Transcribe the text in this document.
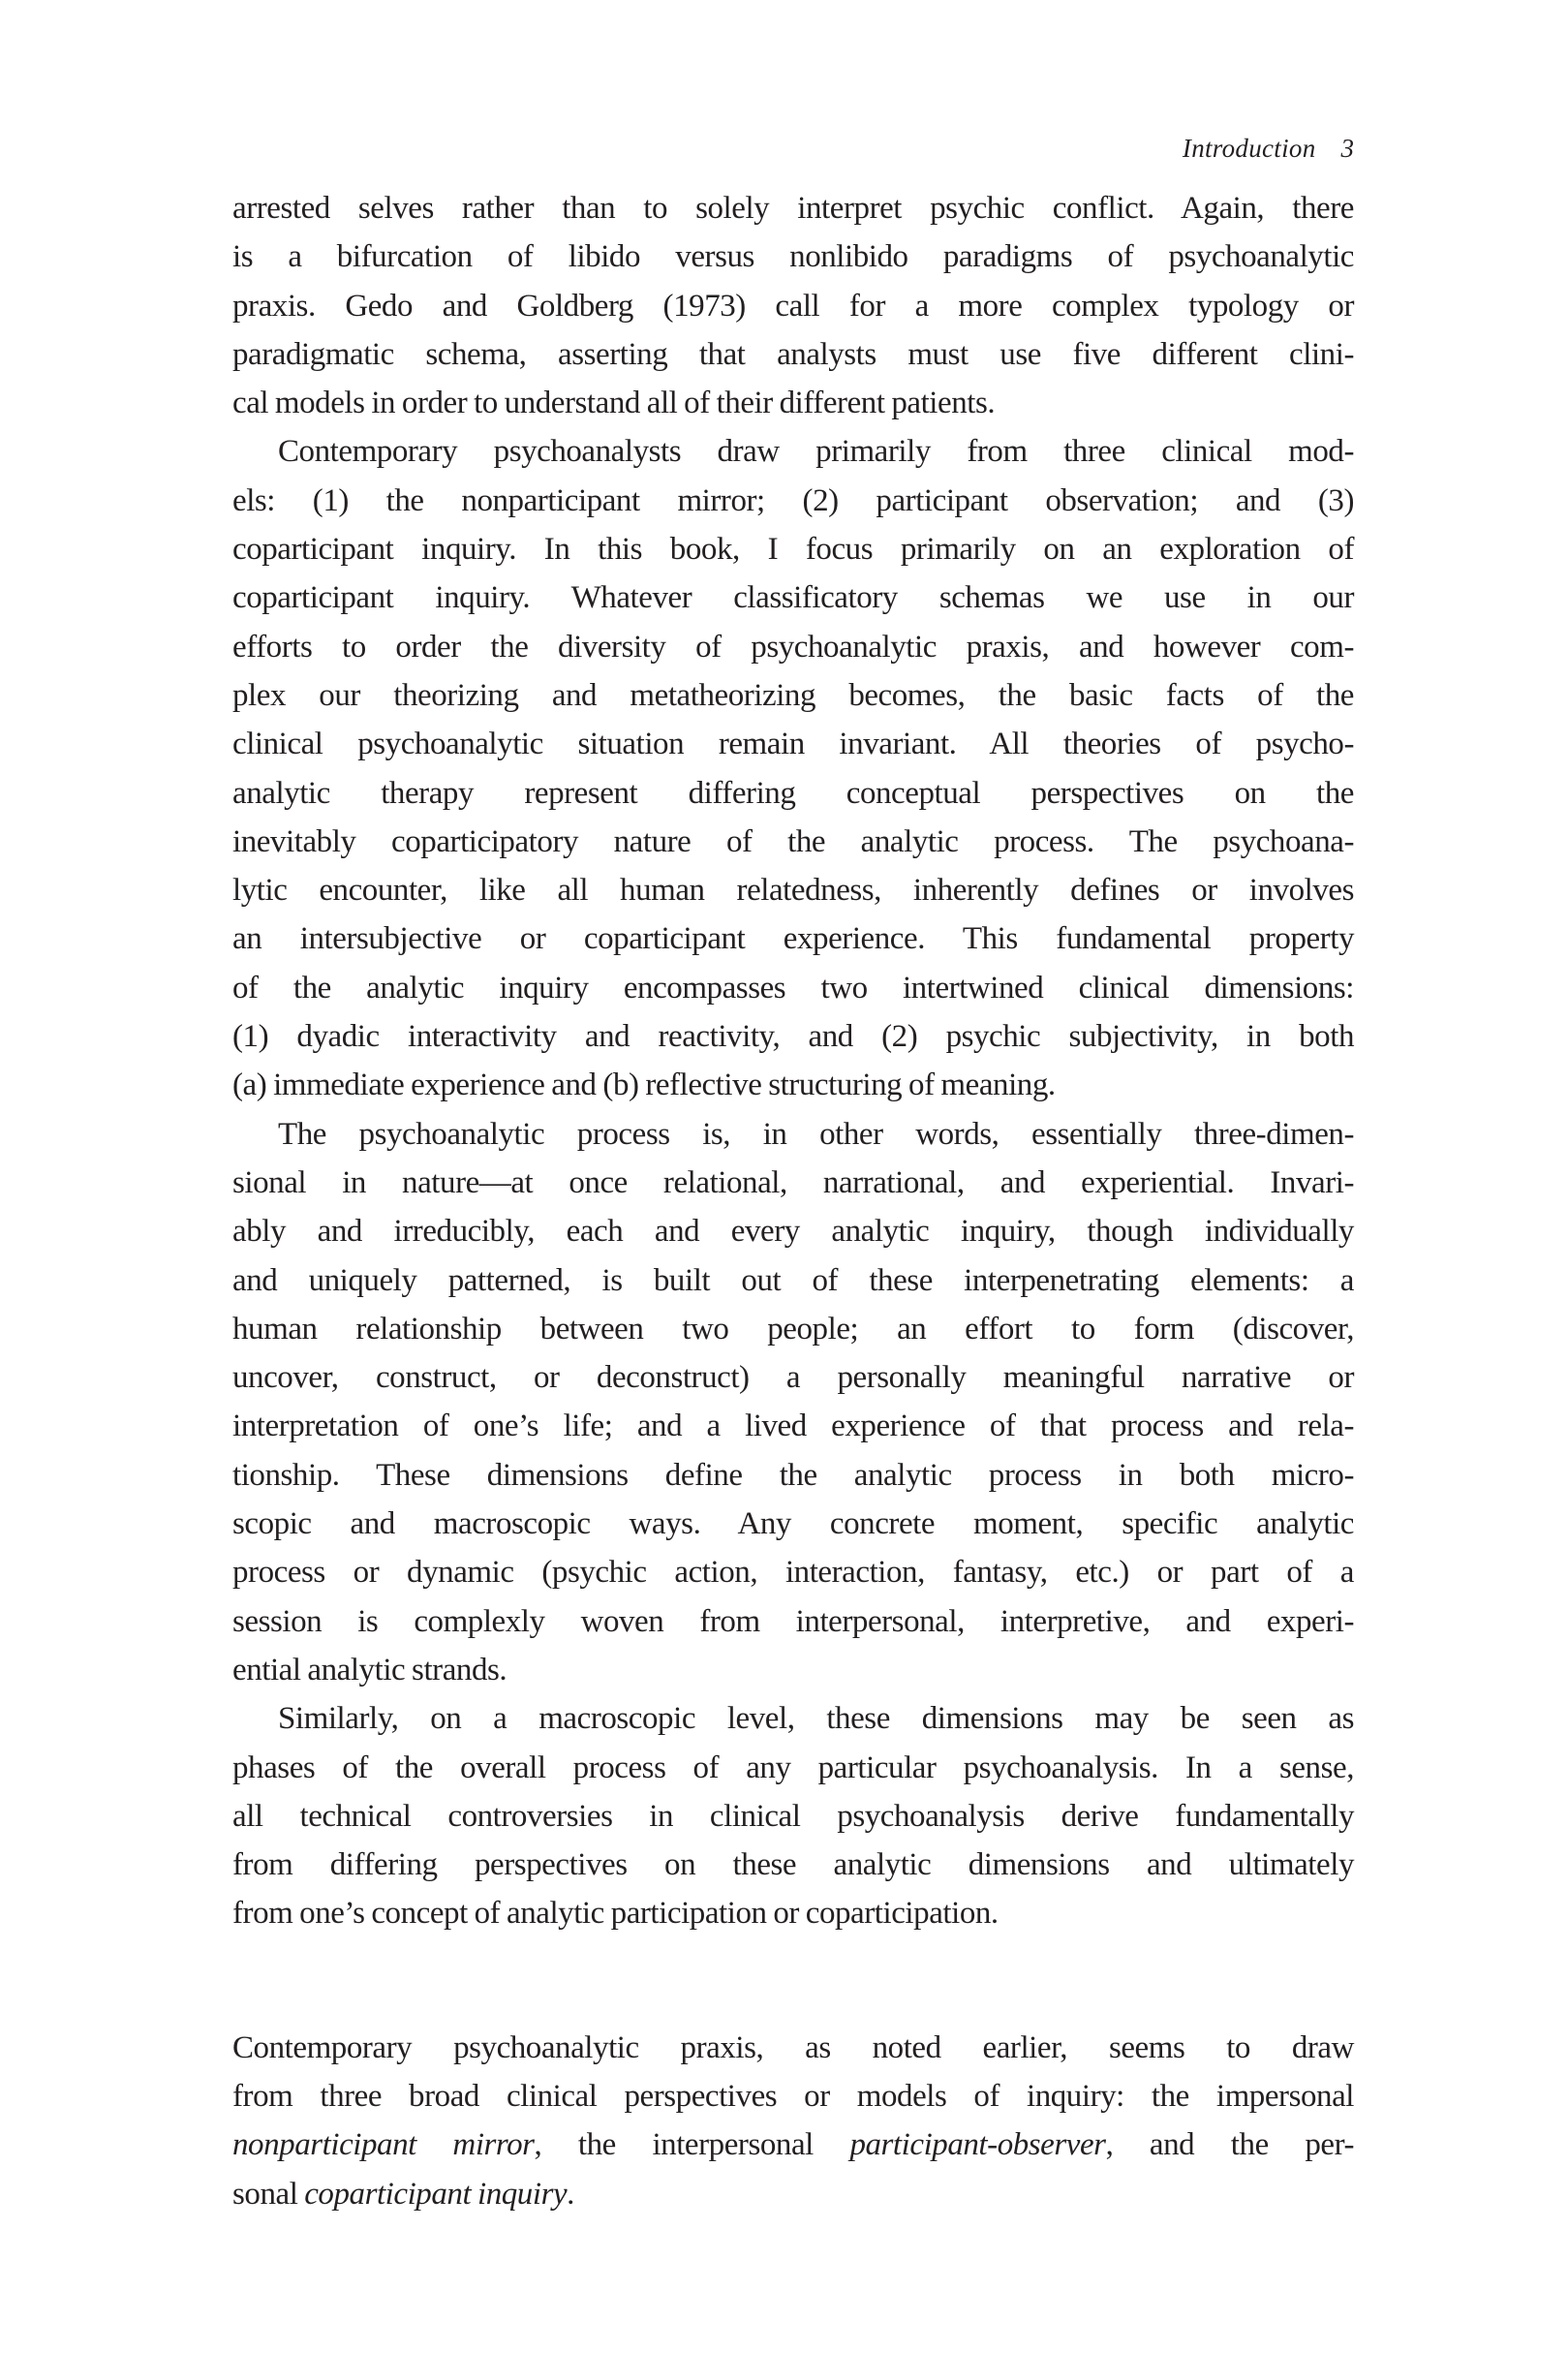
Introduction 3
arrested selves rather than to solely interpret psychic conflict. Again, there
is a bifurcation of libido versus nonlibido paradigms of psychoanalytic
praxis. Gedo and Goldberg (1973) call for a more complex typology or
paradigmatic schema, asserting that analysts must use five different clini-
cal models in order to understand all of their different patients.
Contemporary psychoanalysts draw primarily from three clinical mod-
els: (1) the nonparticipant mirror; (2) participant observation; and (3)
coparticipant inquiry. In this book, I focus primarily on an exploration of
coparticipant inquiry. Whatever classificatory schemas we use in our
efforts to order the diversity of psychoanalytic praxis, and however com-
plex our theorizing and metatheorizing becomes, the basic facts of the
clinical psychoanalytic situation remain invariant. All theories of psycho-
analytic therapy represent differing conceptual perspectives on the
inevitably coparticipatory nature of the analytic process. The psychoana-
lytic encounter, like all human relatedness, inherently defines or involves
an intersubjective or coparticipant experience. This fundamental property
of the analytic inquiry encompasses two intertwined clinical dimensions:
(1) dyadic interactivity and reactivity, and (2) psychic subjectivity, in both
(a) immediate experience and (b) reflective structuring of meaning.
The psychoanalytic process is, in other words, essentially three-dimen-
sional in nature—at once relational, narrational, and experiential. Invari-
ably and irreducibly, each and every analytic inquiry, though individually
and uniquely patterned, is built out of these interpenetrating elements: a
human relationship between two people; an effort to form (discover,
uncover, construct, or deconstruct) a personally meaningful narrative or
interpretation of one’s life; and a lived experience of that process and rela-
tionship. These dimensions define the analytic process in both micro-
scopic and macroscopic ways. Any concrete moment, specific analytic
process or dynamic (psychic action, interaction, fantasy, etc.) or part of a
session is complexly woven from interpersonal, interpretive, and experi-
ential analytic strands.
Similarly, on a macroscopic level, these dimensions may be seen as
phases of the overall process of any particular psychoanalysis. In a sense,
all technical controversies in clinical psychoanalysis derive fundamentally
from differing perspectives on these analytic dimensions and ultimately
from one’s concept of analytic participation or coparticipation.
Contemporary psychoanalytic praxis, as noted earlier, seems to draw
from three broad clinical perspectives or models of inquiry: the impersonal
nonparticipant mirror, the interpersonal participant-observer, and the per-
sonal coparticipant inquiry.
